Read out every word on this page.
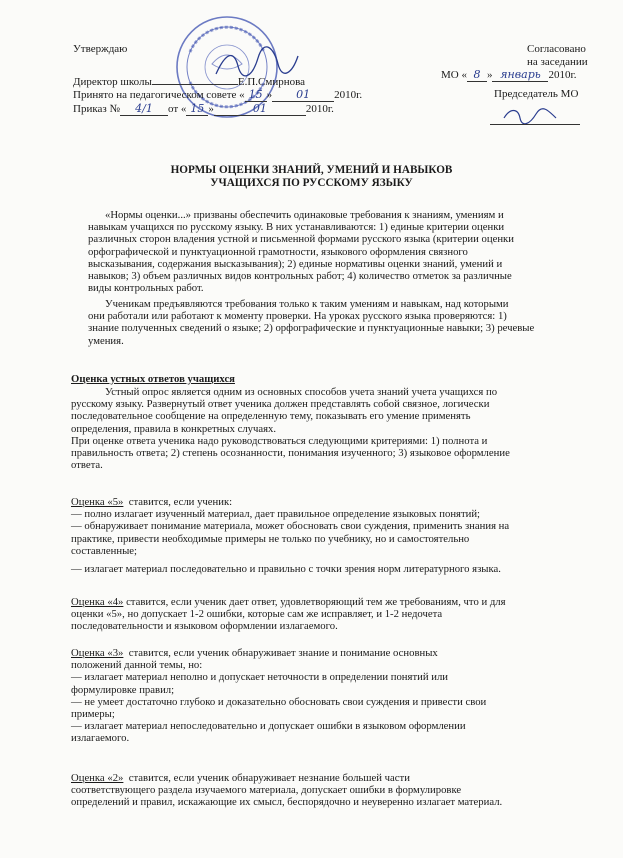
Утверждаю
Директор школы	Е.П.Смирнова
Принято на педагогическом совете « 15 » 01 2010г.
Приказ № 4/1 от « 15 »	01	2010г.
Согласовано
на заседании
МО « 8 » январь 2010г.
Председатель МО
НОРМЫ ОЦЕНКИ ЗНАНИЙ, УМЕНИЙ И НАВЫКОВ
УЧАЩИХСЯ ПО РУССКОМУ ЯЗЫКУ
«Нормы оценки...» призваны обеспечить одинаковые требования к знаниям, умениям и
навыкам учащихся по русскому языку. В них устанавливаются: 1) единые критерии оценки
различных сторон владения устной и письменной формами русского языка (критерии оценки
орфографической и пунктуационной грамотности, языкового оформления связного
высказывания, содержания высказывания); 2) единые нормативы оценки знаний, умений и
навыков; 3) объем различных видов контрольных работ; 4) количество отметок за различные
виды контрольных работ.
Ученикам предъявляются требования только к таким умениям и навыкам, над которыми
они работали или работают к моменту проверки. На уроках русского языка проверяются: 1)
знание полученных сведений о языке; 2) орфографические и пунктуационные навыки; 3) речевые
умения.
Оценка устных ответов учащихся
Устный опрос является одним из основных способов учета знаний учета учащихся по
русскому языку. Развернутый ответ ученика должен представлять собой связное, логически
последовательное сообщение на определенную тему, показывать его умение применять
определения, правила в конкретных случаях.
При оценке ответа ученика надо руководствоваться следующими критериями: 1) полнота и
правильность ответа; 2) степень осознанности, понимания изученного; 3) языковое оформление
ответа.
Оценка «5» ставится, если ученик:
— полно излагает изученный материал, дает правильное определение языковых понятий;
— обнаруживает понимание материала, может обосновать свои суждения, применить знания на
практике, привести необходимые примеры не только по учебнику, но и самостоятельно
составленные;
— излагает материал последовательно и правильно с точки зрения норм литературного языка.
Оценка «4» ставится, если ученик дает ответ, удовлетворяющий тем же требованиям, что и для
оценки «5», но допускает 1-2 ошибки, которые сам же исправляет, и 1-2 недочета
последовательности и языковом оформлении излагаемого.
Оценка «3» ставится, если ученик обнаруживает знание и понимание основных
положений данной темы, но:
— излагает материал неполно и допускает неточности в определении понятий или
формулировке правил;
— не умеет достаточно глубоко и доказательно обосновать свои суждения и привести свои
примеры;
— излагает материал непоследовательно и допускает ошибки в языковом оформлении
излагаемого.
Оценка «2» ставится, если ученик обнаруживает незнание большей части
соответствующего раздела изучаемого материала, допускает ошибки в формулировке
определений и правил, искажающие их смысл, беспорядочно и неуверенно излагает материал.
